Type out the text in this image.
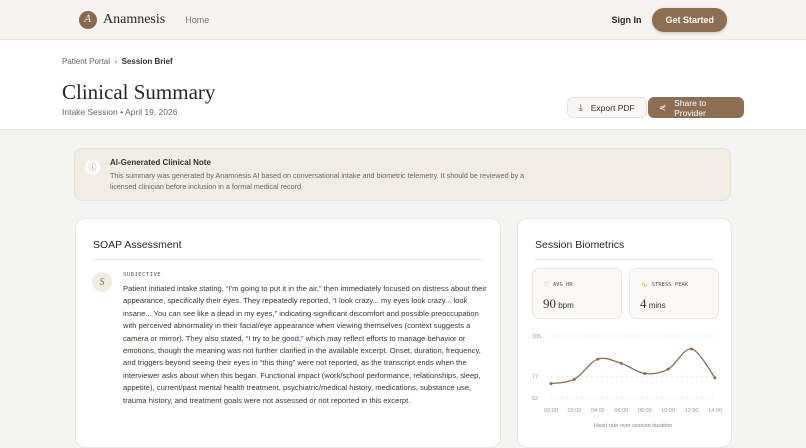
A Anamnesis Home	Sign In	Get Started
Patient Portal  ›  Session Brief
Clinical Summary
Intake Session • April 19, 2026	⤓ Export PDF	⋞ Share to Provider
ⓘ
AI-Generated Clinical Note
This summary was generated by Anamnesis AI based on conversational intake and biometric telemetry. It should be reviewed by a licensed clinician before inclusion in a formal medical record.
SOAP Assessment
S
SUBJECTIVE
Patient initiated intake stating, “I'm going to put it in the air,” then immediately focused on distress about their appearance, specifically their eyes. They repeatedly reported, “I look crazy... my eyes look crazy... look insane... You can see like a dead in my eyes,” indicating significant discomfort and possible preoccupation with perceived abnormality in their facial/eye appearance when viewing themselves (context suggests a camera or mirror). They also stated, “I try to be good,” which may reflect efforts to manage behavior or emotions, though the meaning was not further clarified in the available excerpt. Onset, duration, frequency, and triggers beyond seeing their eyes in “this thing” were not reported, as the transcript ends when the interviewer asks about when this began. Functional impact (work/school performance, relationships, sleep, appetite), current/past mental health treatment, psychiatric/medical history, medications, substance use, trauma history, and treatment goals were not assessed or not reported in this excerpt.
Session Biometrics
♡ AVG HR
90 bpm
∿ STRESS PEAK
4 mins
105
77
62
00:00 02:00 04:00 06:00 08:00 10:00 12:00 14:00
Heart rate over session duration
